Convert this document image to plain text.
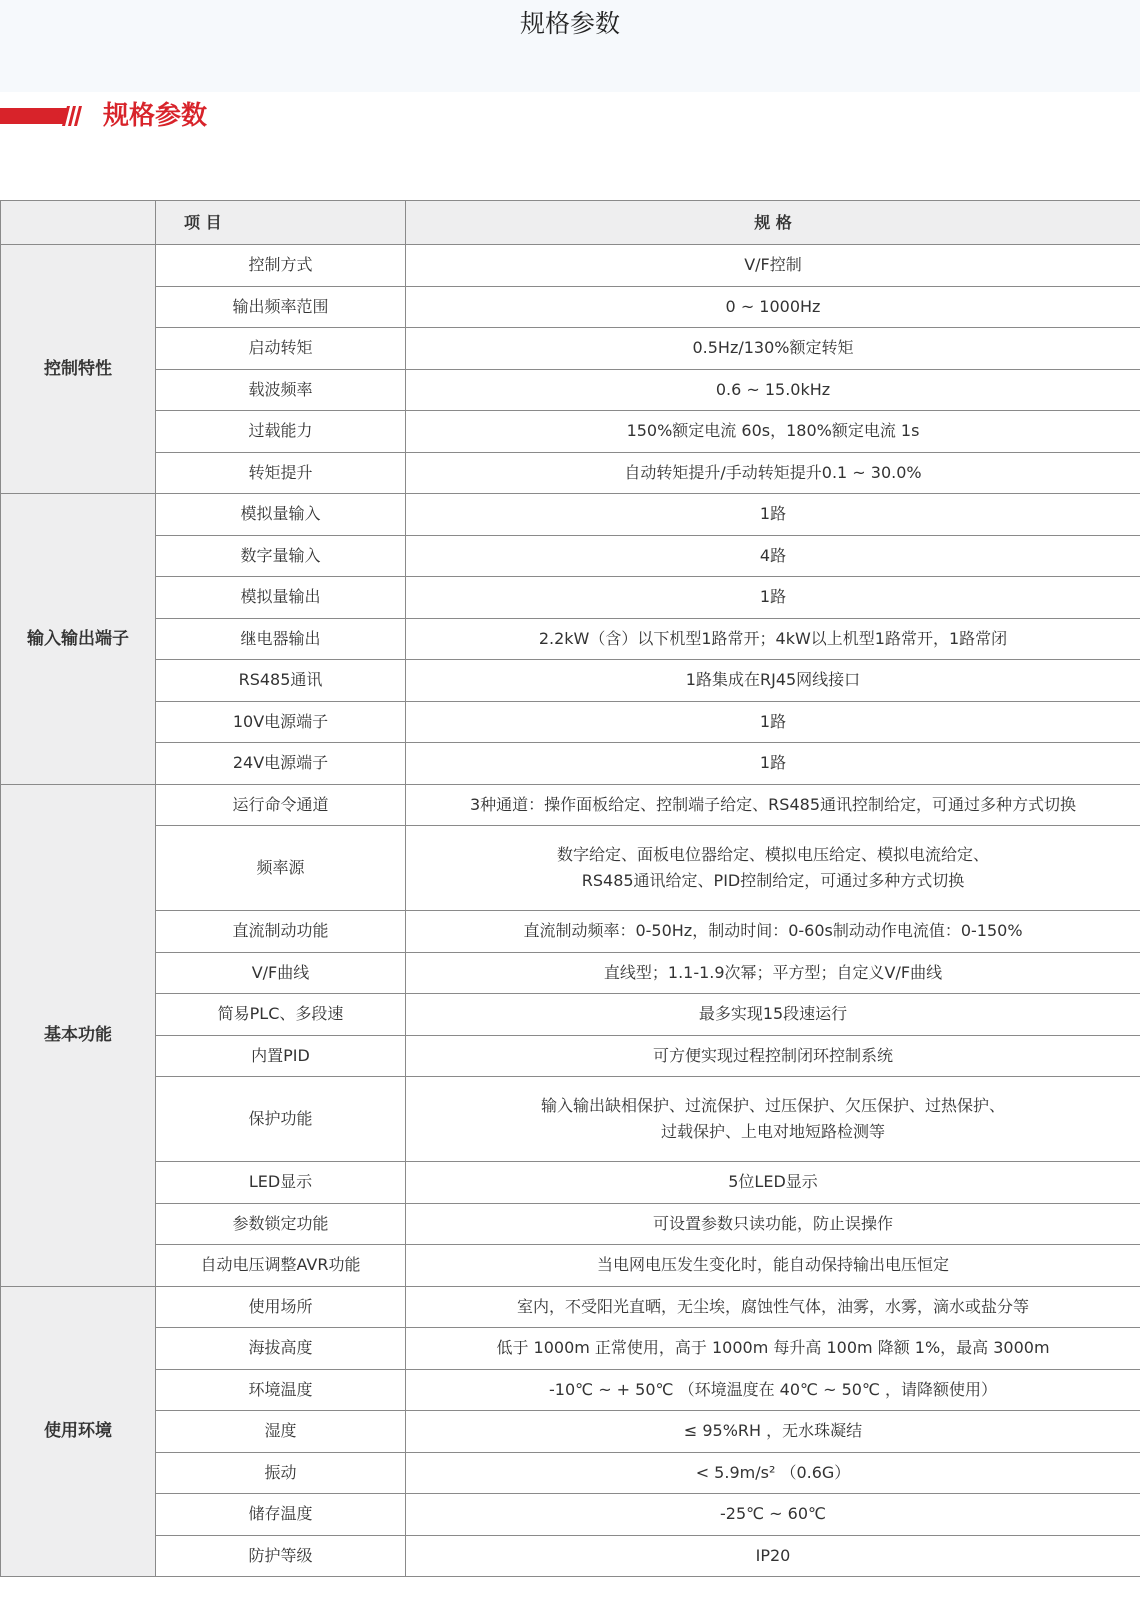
规格参数
规格参数
	项 目	规 格
控制特性	控制方式	V/F控制

	输出频率范围	0 ~ 1000Hz

	启动转矩	0.5Hz/130%额定转矩

	载波频率	0.6 ~ 15.0kHz

	过载能力	150%额定电流 60s，180%额定电流 1s

	转矩提升	自动转矩提升/手动转矩提升0.1 ~ 30.0%

输入输出端子	模拟量输入	1路

	数字量输入	4路

	模拟量输出	1路

	继电器输出	2.2kW（含）以下机型1路常开；4kW以上机型1路常开，1路常闭

	RS485通讯	1路集成在RJ45网线接口

	10V电源端子	1路

	24V电源端子	1路

基本功能	运行命令通道	3种通道：操作面板给定、控制端子给定、RS485通讯控制给定，可通过多种方式切换

	频率源	数字给定、面板电位器给定、模拟电压给定、模拟电流给定、
RS485通讯给定、PID控制给定，可通过多种方式切换

	直流制动功能	直流制动频率：0-50Hz，制动时间：0-60s制动动作电流值：0-150%

	V/F曲线	直线型；1.1-1.9次幂；平方型；自定义V/F曲线

	简易PLC、多段速	最多实现15段速运行

	内置PID	可方便实现过程控制闭环控制系统

	保护功能	输入输出缺相保护、过流保护、过压保护、欠压保护、过热保护、
过载保护、上电对地短路检测等

	LED显示	5位LED显示

	参数锁定功能	可设置参数只读功能，防止误操作

	自动电压调整AVR功能	当电网电压发生变化时，能自动保持输出电压恒定

使用环境	使用场所	室内，不受阳光直晒，无尘埃，腐蚀性气体，油雾，水雾，滴水或盐分等

	海拔高度	低于 1000m 正常使用，高于 1000m 每升高 100m 降额 1%，最高 3000m

	环境温度	-10℃ ~ + 50℃ （环境温度在 40℃ ~ 50℃ ，请降额使用）

	湿度	≤ 95%RH ，无水珠凝结

	振动	< 5.9m/s² （0.6G）

	储存温度	-25℃ ~ 60℃

	防护等级	IP20
